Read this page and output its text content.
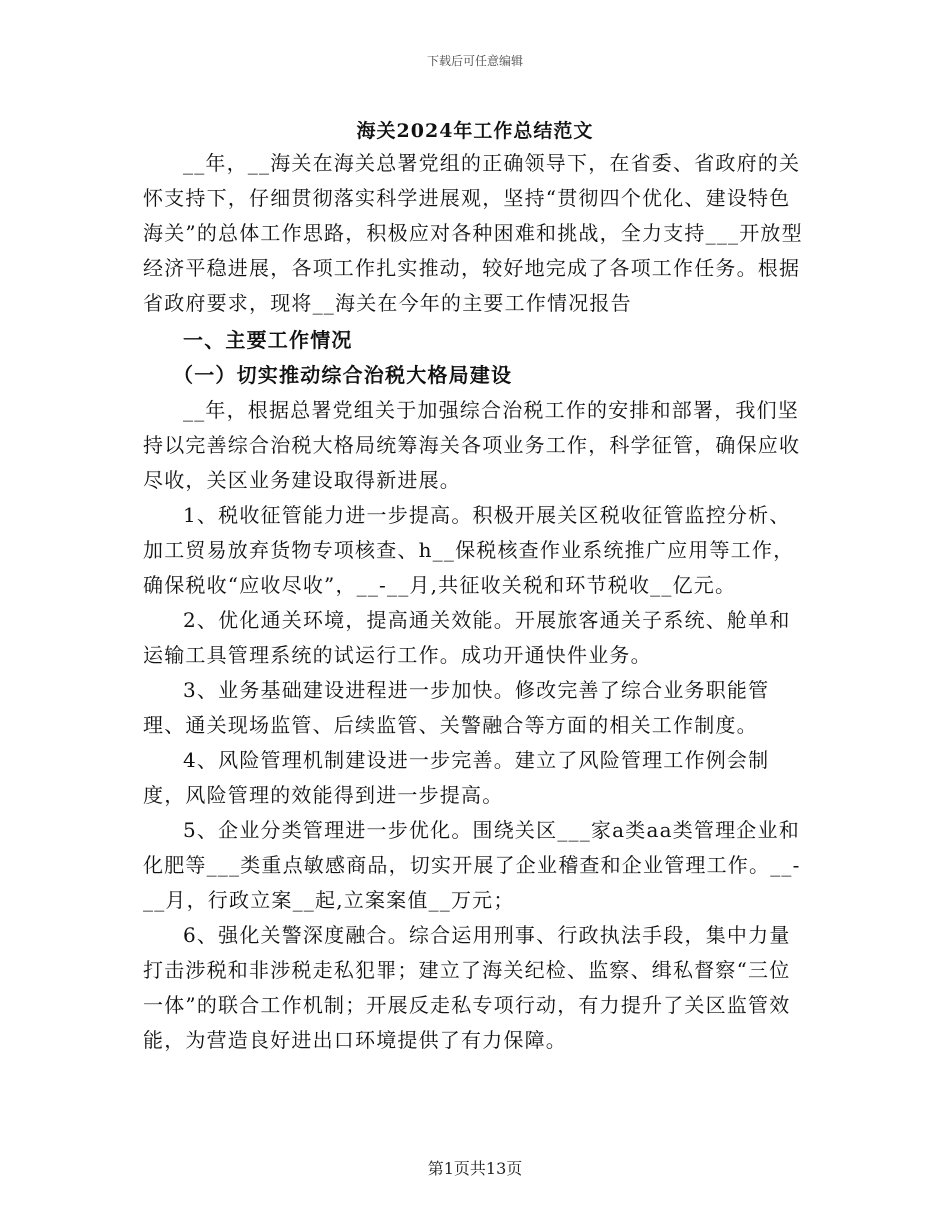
下载后可任意编辑
海关2024年工作总结范文

__年，__海关在海关总署党组的正确领导下，在省委、省政府的关怀支持下，仔细贯彻落实科学进展观，坚持“贯彻四个优化、建设特色海关”的总体工作思路，积极应对各种困难和挑战，全力支持___开放型经济平稳进展，各项工作扎实推动，较好地完成了各项工作任务。根据省政府要求，现将__海关在今年的主要工作情况报告

一、主要工作情况

（一）切实推动综合治税大格局建设

__年，根据总署党组关于加强综合治税工作的安排和部署，我们坚持以完善综合治税大格局统筹海关各项业务工作，科学征管，确保应收尽收，关区业务建设取得新进展。

1、税收征管能力进一步提高。积极开展关区税收征管监控分析、加工贸易放弃货物专项核查、h__保税核查作业系统推广应用等工作，确保税收“应收尽收”，__-__月,共征收关税和环节税收__亿元。

2、优化通关环境，提高通关效能。开展旅客通关子系统、舱单和运输工具管理系统的试运行工作。成功开通快件业务。

3、业务基础建设进程进一步加快。修改完善了综合业务职能管理、通关现场监管、后续监管、关警融合等方面的相关工作制度。

4、风险管理机制建设进一步完善。建立了风险管理工作例会制度，风险管理的效能得到进一步提高。

5、企业分类管理进一步优化。围绕关区___家a类aa类管理企业和化肥等___类重点敏感商品，切实开展了企业稽查和企业管理工作。__-__月，行政立案__起,立案案值__万元；

6、强化关警深度融合。综合运用刑事、行政执法手段，集中力量打击涉税和非涉税走私犯罪；建立了海关纪检、监察、缉私督察“三位一体”的联合工作机制；开展反走私专项行动，有力提升了关区监管效能，为营造良好进出口环境提供了有力保障。

第1页共13页
